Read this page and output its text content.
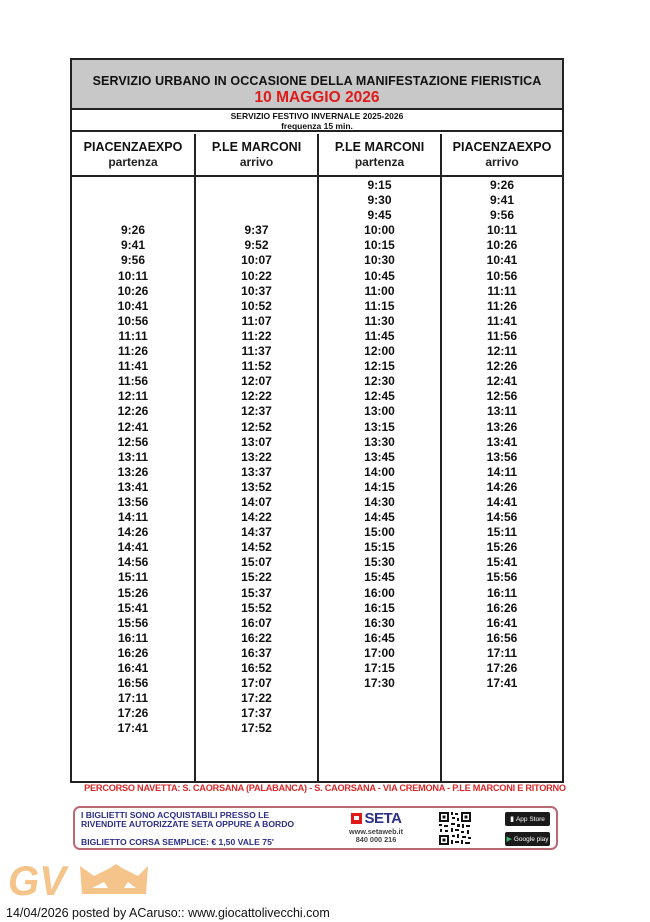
SERVIZIO URBANO IN OCCASIONE DELLA MANIFESTAZIONE FIERISTICA
10 MAGGIO 2026
SERVIZIO FESTIVO INVERNALE 2025-2026
frequenza 15 min.
PIACENZAEXPO
partenza
9:26
9:41
9:56
10:11
10:26
10:41
10:56
11:11
11:26
11:41
11:56
12:11
12:26
12:41
12:56
13:11
13:26
13:41
13:56
14:11
14:26
14:41
14:56
15:11
15:26
15:41
15:56
16:11
16:26
16:41
16:56
17:11
17:26
17:41
P.LE MARCONI
arrivo
9:37
9:52
10:07
10:22
10:37
10:52
11:07
11:22
11:37
11:52
12:07
12:22
12:37
12:52
13:07
13:22
13:37
13:52
14:07
14:22
14:37
14:52
15:07
15:22
15:37
15:52
16:07
16:22
16:37
16:52
17:07
17:22
17:37
17:52
P.LE MARCONI
partenza
9:15
9:30
9:45
10:00
10:15
10:30
10:45
11:00
11:15
11:30
11:45
12:00
12:15
12:30
12:45
13:00
13:15
13:30
13:45
14:00
14:15
14:30
14:45
15:00
15:15
15:30
15:45
16:00
16:15
16:30
16:45
17:00
17:15
17:30
PIACENZAEXPO
arrivo
9:26
9:41
9:56
10:11
10:26
10:41
10:56
11:11
11:26
11:41
11:56
12:11
12:26
12:41
12:56
13:11
13:26
13:41
13:56
14:11
14:26
14:41
14:56
15:11
15:26
15:41
15:56
16:11
16:26
16:41
16:56
17:11
17:26
17:41
PERCORSO NAVETTA: S. CAORSANA (PALABANCA) - S. CAORSANA - VIA CREMONA - P.LE MARCONI E RITORNO
I BIGLIETTI SONO ACQUISTABILI PRESSO LE
RIVENDITE AUTORIZZATE SETA OPPURE A BORDO
BIGLIETTO CORSA SEMPLICE: € 1,50 VALE 75'
SETA
www.setaweb.it
840 000 216
▮ App Store
▶ Google play
GV
14/04/2026 posted by ACaruso:: www.giocattolivecchi.com
